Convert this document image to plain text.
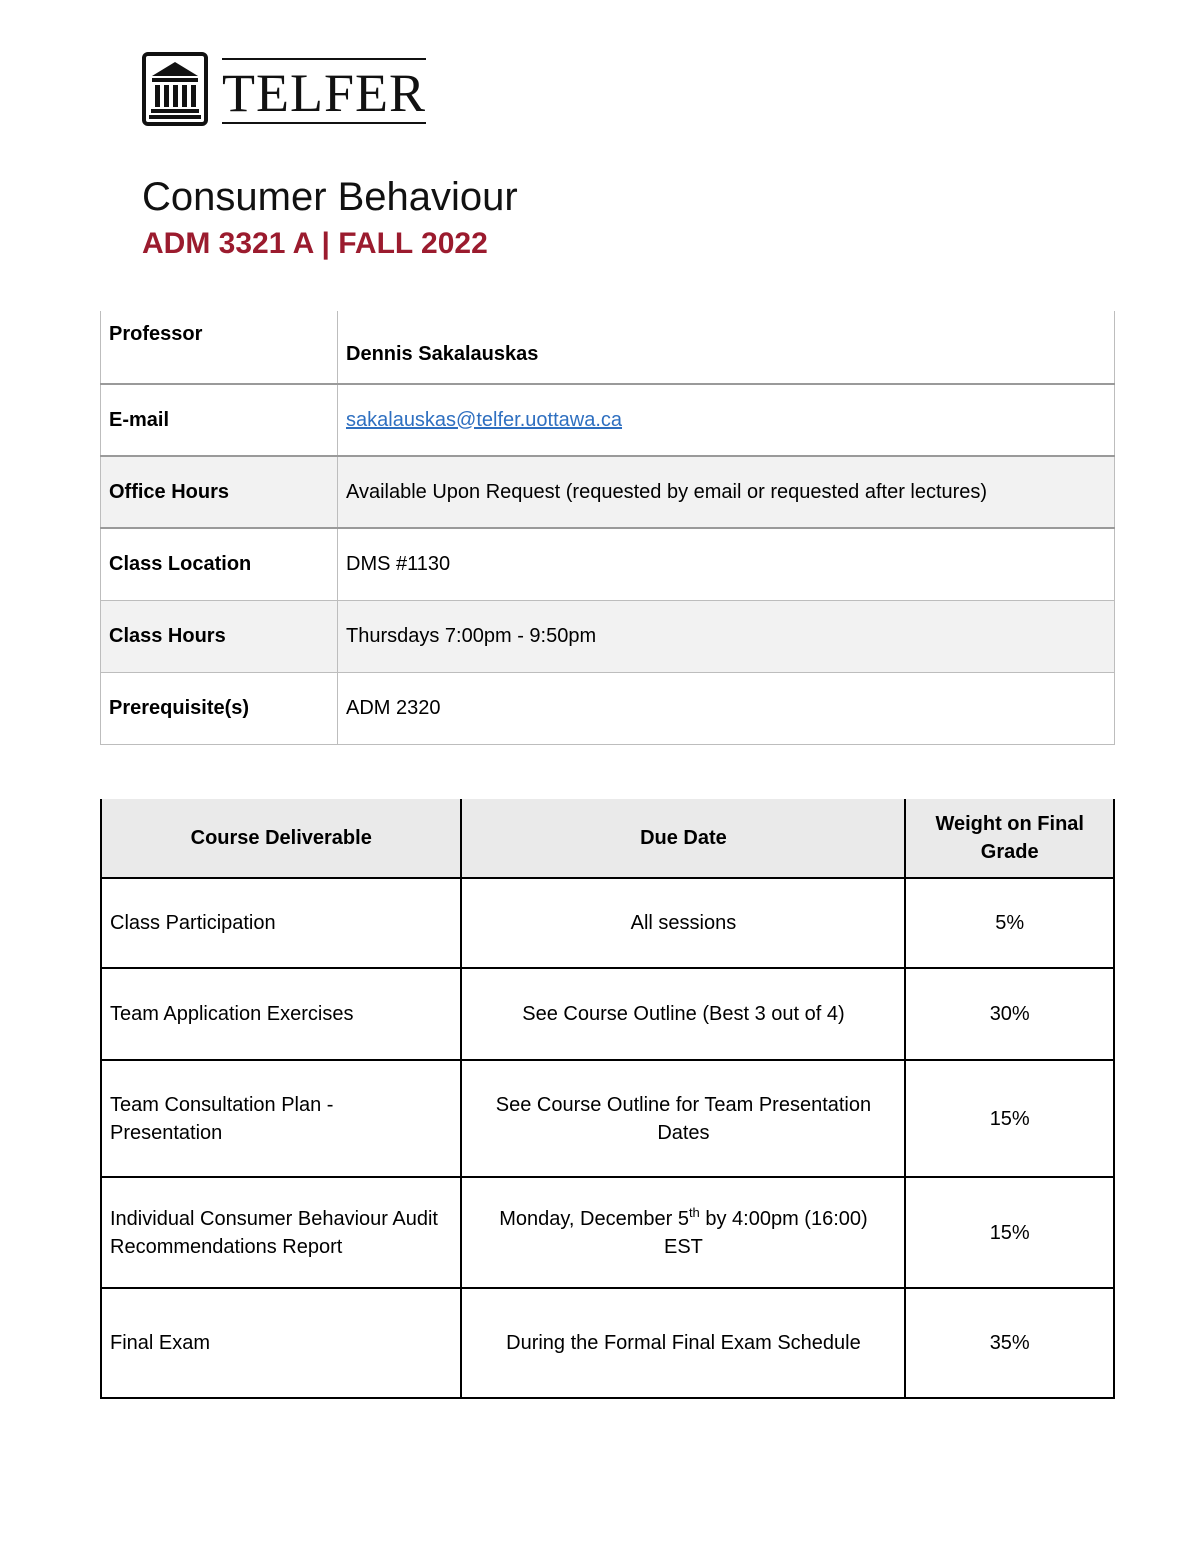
TELFER
Consumer Behaviour
ADM 3321 A | FALL 2022
Professor	Dennis Sakalauskas
E-mail	sakalauskas@telfer.uottawa.ca
Office Hours	Available Upon Request (requested by email or requested after lectures)
Class Location	DMS #1130
Class Hours	Thursdays 7:00pm - 9:50pm
Prerequisite(s)	ADM 2320
Course Deliverable	Due Date	Weight on Final Grade
Class Participation	All sessions	5%
Team Application Exercises	See Course Outline (Best 3 out of 4)	30%
Team Consultation Plan - Presentation	See Course Outline for Team Presentation Dates	15%
Individual Consumer Behaviour Audit Recommendations Report	Monday, December 5th by 4:00pm (16:00) EST	15%
Final Exam	During the Formal Final Exam Schedule	35%
